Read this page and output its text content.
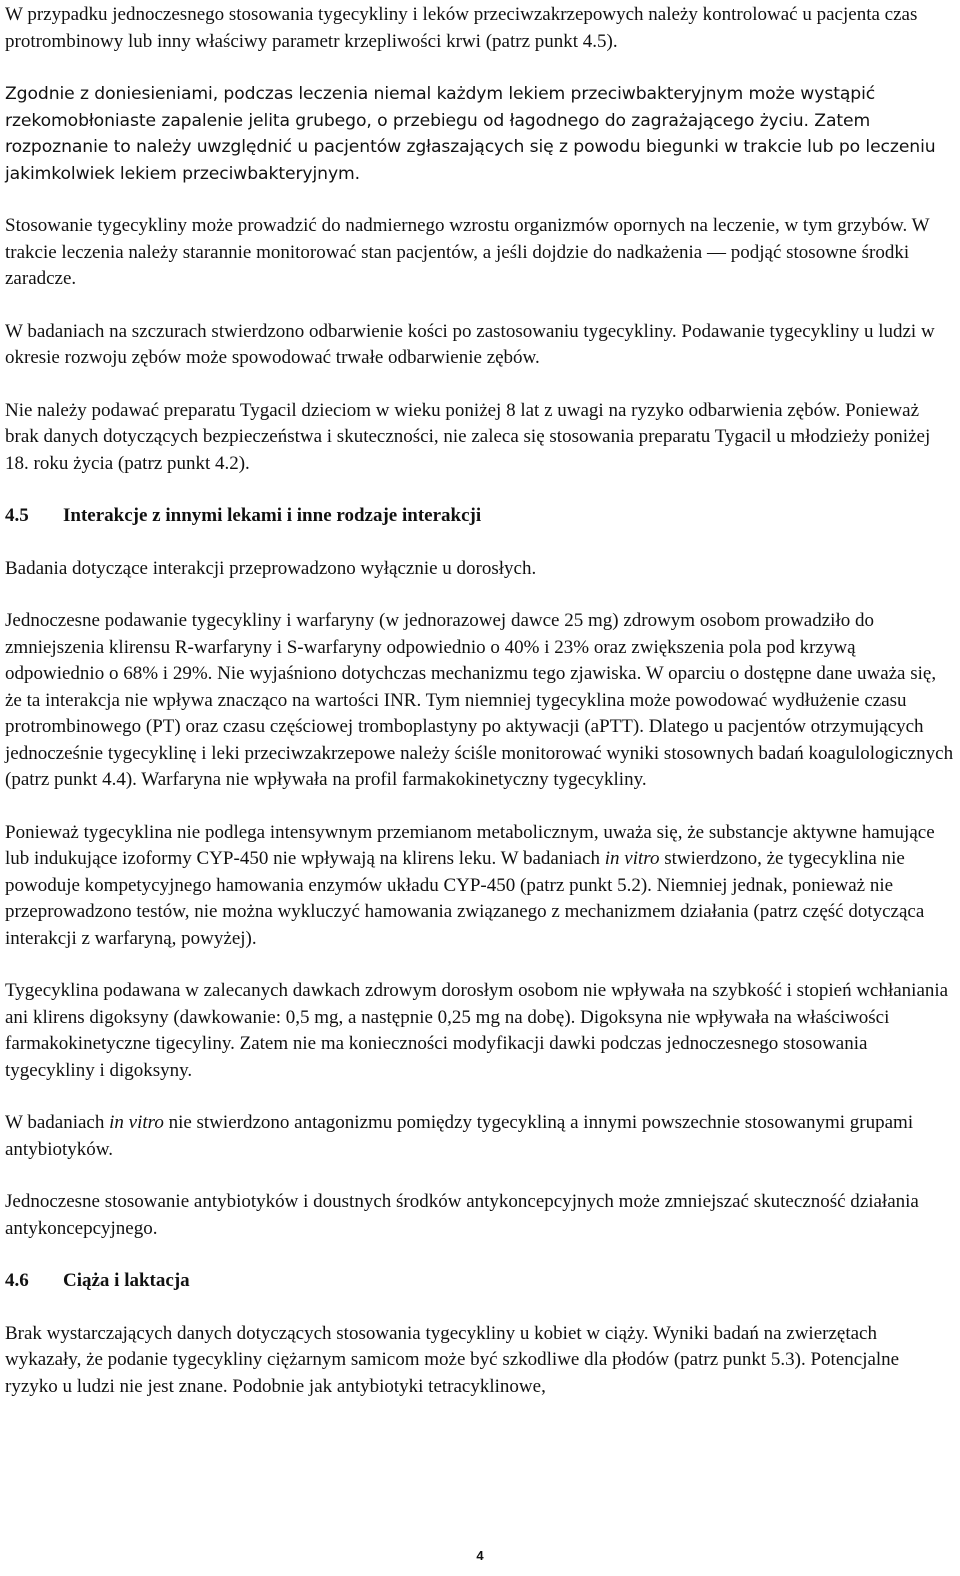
W przypadku jednoczesnego stosowania tygecykliny i leków przeciwzakrzepowych należy kontrolować u pacjenta czas protrombinowy lub inny właściwy parametr krzepliwości krwi (patrz punkt 4.5).

Zgodnie z doniesieniami, podczas leczenia niemal każdym lekiem przeciwbakteryjnym może wystąpić rzekomobłoniaste zapalenie jelita grubego, o przebiegu od łagodnego do zagrażającego życiu. Zatem rozpoznanie to należy uwzględnić u pacjentów zgłaszających się z powodu biegunki w trakcie lub po leczeniu jakimkolwiek lekiem przeciwbakteryjnym.

Stosowanie tygecykliny może prowadzić do nadmiernego wzrostu organizmów opornych na leczenie, w tym grzybów. W trakcie leczenia należy starannie monitorować stan pacjentów, a jeśli dojdzie do nadkażenia — podjąć stosowne środki zaradcze.

W badaniach na szczurach stwierdzono odbarwienie kości po zastosowaniu tygecykliny. Podawanie tygecykliny u ludzi w okresie rozwoju zębów może spowodować trwałe odbarwienie zębów.

Nie należy podawać preparatu Tygacil dzieciom w wieku poniżej 8 lat z uwagi na ryzyko odbarwienia zębów. Ponieważ brak danych dotyczących bezpieczeństwa i skuteczności, nie zaleca się stosowania preparatu Tygacil u młodzieży poniżej 18. roku życia (patrz punkt 4.2).

4.5	Interakcje z innymi lekami i inne rodzaje interakcji

Badania dotyczące interakcji przeprowadzono wyłącznie u dorosłych.

Jednoczesne podawanie tygecykliny i warfaryny (w jednorazowej dawce 25 mg) zdrowym osobom prowadziło do zmniejszenia klirensu R-warfaryny i S-warfaryny odpowiednio o 40% i 23% oraz zwiększenia pola pod krzywą odpowiednio o 68% i 29%. Nie wyjaśniono dotychczas mechanizmu tego zjawiska. W oparciu o dostępne dane uważa się, że ta interakcja nie wpływa znacząco na wartości INR. Tym niemniej tygecyklina może powodować wydłużenie czasu protrombinowego (PT) oraz czasu częściowej tromboplastyny po aktywacji (aPTT). Dlatego u pacjentów otrzymujących jednocześnie tygecyklinę i leki przeciwzakrzepowe należy ściśle monitorować wyniki stosownych badań koagulologicznych (patrz punkt 4.4). Warfaryna nie wpływała na profil farmakokinetyczny tygecykliny.

Ponieważ tygecyklina nie podlega intensywnym przemianom metabolicznym, uważa się, że substancje aktywne hamujące lub indukujące izoformy CYP-450 nie wpływają na klirens leku. W badaniach in vitro stwierdzono, że tygecyklina nie powoduje kompetycyjnego hamowania enzymów układu CYP-450 (patrz punkt 5.2). Niemniej jednak, ponieważ nie przeprowadzono testów, nie można wykluczyć hamowania związanego z mechanizmem działania (patrz część dotycząca interakcji z warfaryną, powyżej).

Tygecyklina podawana w zalecanych dawkach zdrowym dorosłym osobom nie wpływała na szybkość i stopień wchłaniania ani klirens digoksyny (dawkowanie: 0,5 mg, a następnie 0,25 mg na dobę). Digoksyna nie wpływała na właściwości farmakokinetyczne tigecyliny. Zatem nie ma konieczności modyfikacji dawki podczas jednoczesnego stosowania tygecykliny i digoksyny.

W badaniach in vitro nie stwierdzono antagonizmu pomiędzy tygecykliną a innymi powszechnie stosowanymi grupami antybiotyków.

Jednoczesne stosowanie antybiotyków i doustnych środków antykoncepcyjnych może zmniejszać skuteczność działania antykoncepcyjnego.

4.6	Ciąża i laktacja

Brak wystarczających danych dotyczących stosowania tygecykliny u kobiet w ciąży. Wyniki badań na zwierzętach wykazały, że podanie tygecykliny ciężarnym samicom może być szkodliwe dla płodów (patrz punkt 5.3). Potencjalne ryzyko u ludzi nie jest znane. Podobnie jak antybiotyki tetracyklinowe,

4
